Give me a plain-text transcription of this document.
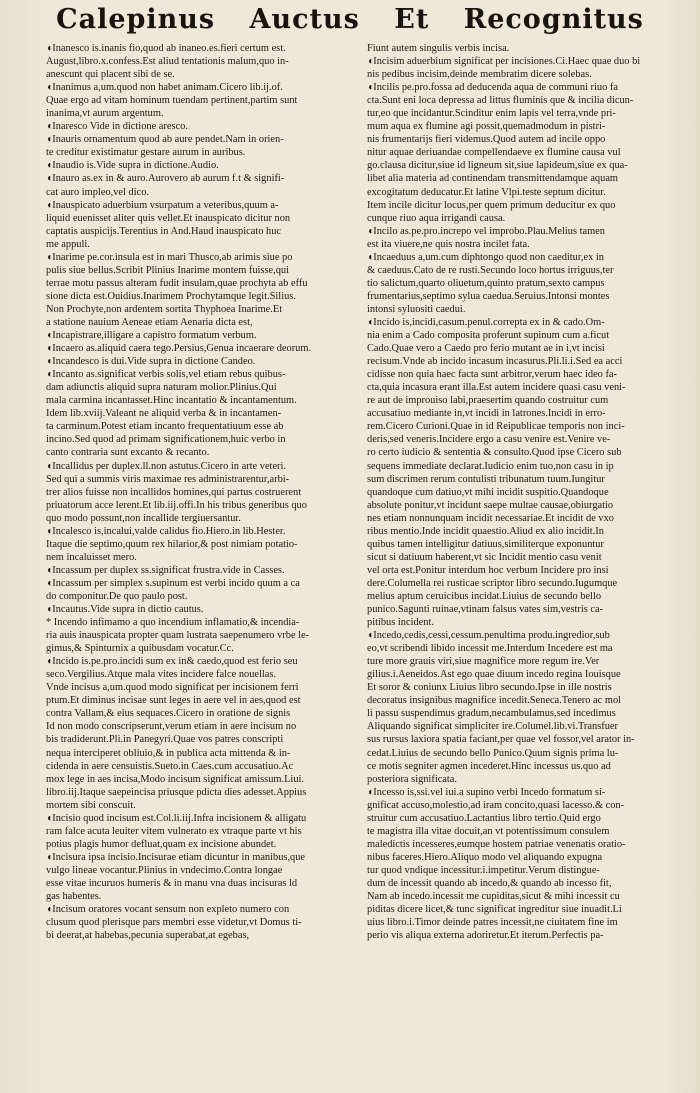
Calepinus Auctus Et Recognitus
◖Inanesco is.inanis fio,quod ab inaneo.es.fieri certum est.
August,libro.x.confess.Est aliud tentationis malum,quo in-
anescunt qui placent sibi de se.
◖Inanimus a,um.quod non habet animam.Cicero lib.ij.of.
Quae ergo ad vitam hominum tuendam pertinent,partim sunt
inanima,vt aurum argentum.
◖Inaresco Vide in dictione aresco.
◖Inauris ornamentum quod ab aure pendet.Nam in orien-
te creditur existimatur gestare aurum in auribus.
◖Inaudio is.Vide supra in dictione.Audio.
◖Inauro as.ex in & auro.Aurovero ab aurum f.t & signifi-
cat auro impleo,vel dico.
◖Inauspicato aduerbium vsurpatum a veteribus,quum a-
liquid euenisset aliter quis vellet.Et inauspicato dicitur non
captatis auspicijs.Terentius in And.Haud inauspicato huc
me appuli.
◖Inarime pe.cor.insula est in mari Thusco,ab arimis siue po
pulis siue bellus.Scribit Plinius Inarime montem fuisse,qui
terrae motu passus alteram fudit insulam,quae prochyta ab effu
sione dicta est.Ouidius.Inarimem Prochytamque legit.Silius.
Non Prochyte,non ardentem sortita Thyphoea Inarime.Et
a statione nauium Aeneae etiam Aenaria dicta est,
◖Incapistrare,illigare a capistro formatum verbum.
◖Incaero as.aliquid caera tego.Persius,Genua incaerare deorum.
◖Incandesco is dui.Vide supra in dictione Candeo.
◖Incanto as.significat verbis solis,vel etiam rebus quibus-
dam adiunctis aliquid supra naturam molior.Plinius.Qui
mala carmina incantasset.Hinc incantatio & incantamentum.
Idem lib.xviij.Valeant ne aliquid verba & in incantamen-
ta carminum.Potest etiam incanto frequentatiuum esse ab
incino.Sed quod ad primam significationem,huic verbo in
canto contraria sunt excanto & recanto.
◖Incallidus per duplex.ll.non astutus.Cicero in arte veteri.
Sed qui a summis viris maximae res administrarentur,arbi-
trer alios fuisse non incallidos homines,qui partus costruerent
priuatorum acce lerent.Et lib.iij.offi.In his tribus generibus quo
quo modo possunt,non incallide tergiuersantur.
◖Incalesco is,incalui,valde calidus fio.Hiero.in lib.Hester.
Itaque die septimo,quum rex hilarior,& post nimiam potatio-
nem incaluisset mero.
◖Incassum per duplex ss.significat frustra.vide in Casses.
◖Incassum per simplex s.supinum est verbi incido quum a ca
do componitur.De quo paulo post.
◖Incautus.Vide supra in dictio cautus.
* Incendo infimamo a quo incendium inflamatio,& incendia-
ria auis inauspicata propter quam lustrata saepenumero vrbe le-
gimus,& Spinturnix a quibusdam vocatur.Cc.
◖Incido is.pe.pro.incidi sum ex in& caedo,quod est ferio seu
seco.Vergilius.Atque mala vites incidere falce nouellas.
Vnde incisus a,um.quod modo significat per incisionem ferri
ptum.Et diminus incisae sunt leges in aere vel in aes,quod est
contra Vallam,& eius sequaces.Cicero in oratione de signis
Id non modo conscripserunt,verum etiam in aere incisum no
bis tradiderunt.Pli.in Panegyri.Quae vos patres conscripti
nequa interciperet obliuio,& in publica acta mittenda & in-
cidenda in aere censuistis.Sueto.in Caes.cum accusatiuo.Ac
mox lege in aes incisa,Modo incisum significat amissum.Liui.
libro.iij.Itaque saepeincisa priusque pdicta dies adesset.Appius
mortem sibi conscuit.
◖Incisio quod incisum est.Col.li.iij.Infra incisionem & alligatu
ram falce acuta leuiter vitem vulnerato ex vtraque parte vt his
potius plagis humor defluat,quam ex incisione abundet.
◖Incisura ipsa incisio.Incisurae etiam dicuntur in manibus,que
vulgo lineae vocantur.Plinius in vndecimo.Contra longae
esse vitae incuruos humeris & in manu vna duas incisuras ld
gas habentes.
◖Incisum oratores vocant sensum non expleto numero con
clusum quod plerisque pars membri esse videtur,vt Domus ti-
bi deerat,at habebas,pecunia superabat,at egebas,
Fiunt autem singulis verbis incisa.
◖Incisim aduerbium significat per incisiones.Ci.Haec quae duo bi
nis pedibus incisim,deinde membratim dicere solebas.
◖Incilis pe.pro.fossa ad deducenda aqua de communi riuo fa
cta.Sunt eni loca depressa ad littus fluminis que & incilia dicun-
tur,eo que incidantur.Scinditur enim lapis vel terra,vnde pri-
mum aqua ex flumine agi possit,quemadmodum in pistri-
nis frumentarijs fieri videmus.Quod autem ad incile oppo
nitur aquae deriuandae compellendaeve ex flumine causa vul
go.clausa dicitur,siue id ligneum sit,siue lapideum,siue ex qua-
libet alia materia ad continendam transmittendamque aquam
excogitatum deducatur.Et latine Vlpi.teste septum dicitur.
Item incile dicitur locus,per quem primum deducitur ex quo
cunque riuo aqua irrigandi causa.
◖Incilo as.pe.pro.increpo vel improbo.Plau.Melius tamen
est ita viuere,ne quis nostra incilet fata.
◖Incaeduus a,um.cum diphtongo quod non caeditur,ex in
& caeduus.Cato de re rusti.Secundo loco hortus irriguus,ter
tio salictum,quarto oliuetum,quinto pratum,sexto campus
frumentarius,septimo sylua caedua.Seruius.Intonsi montes
intonsi syluositi caedui.
◖Incido is,incidi,casum.penul.correpta ex in & cado.Om-
nia enim a Cado composita proferunt supinum cum a.ficut
Cado.Quae vero a Caedo pro ferio mutant ae in i,vt incisi
recisum.Vnde ab incido incasum incasurus.Pli.li.i.Sed ea acci
cidisse non quia haec facta sunt arbitror,verum haec ideo fa-
cta,quia incasura erant illa.Est autem incidere quasi casu veni-
re aut de improuiso labi,praesertim quando costruitur cum
accusatiuo mediante in,vt incidi in latrones.Incidi in erro-
rem.Cicero Curioni.Quae in id Reipublicae temporis non inci-
deris,sed veneris.Incidere ergo a casu venire est.Venire ve-
ro certo iudicio & sententia & consulto.Quod ipse Cicero sub
sequens immediate declarat.Iudicio enim tuo,non casu in ip
sum discrimen rerum contulisti tribunatum tuum.Iungitur
quandoque cum datiuo,vt mihi incidit suspitio.Quandoque
absolute ponitur,vt incidunt saepe multae causae,obiurgatio
nes etiam nonnunquam incidit necessariae.Et incidit de vxo
ribus mentio.Inde incidit quaestio.Aliud ex alio incidit.In
quibus tamen intelligitur datiuus,similiterque exponuntur
sicut si datiuum haberent,vt sic Incidit mentio casu venit
vel orta est.Ponitur interdum hoc verbum Incidere pro insi
dere.Columella rei rusticae scriptor libro secundo.Iugumque
melius aptum ceruicibus incidat.Liuius de secundo bello
punico.Sagunti ruinae,vtinam falsus vates sim,vestris ca-
pitibus incident.
◖Incedo,cedis,cessi,cessum.penultima produ.ingredior,sub
eo,vt scribendi libido incessit me.Interdum Incedere est ma
ture more grauis viri,siue magnifice more regum ire.Ver
gilius.i.Aeneidos.Ast ego quae diuum incedo regina Iouisque
Et soror & coniunx Liuius libro secundo.Ipse in ille nostris
decoratus insignibus magnifice incedit.Seneca.Tenero ac mol
li passu suspendimus gradum,necambulamus,sed incedimus
Aliquando significat simpliciter ire.Columel.lib.vi.Transfuer
sus rursus laxiora spatia faciant,per quae vel fossor,vel arator in-
cedat.Liuius de secundo bello Punico.Quum signis prima lu-
ce motis segniter agmen incederet.Hinc incessus us.quo ad
posteriora significata.
◖Incesso is,ssi.vel iui.a supino verbi Incedo formatum si-
gnificat accuso,molestio,ad iram concito,quasi lacesso.& con-
struitur cum accusatiuo.Lactantius libro tertio.Quid ergo
te magistra illa vitae docuit,an vt potentissimum consulem
maledictis incesseres,eumque hostem patriae venenatis oratio-
nibus faceres.Hiero.Aliquo modo vel aliquando expugna
tur quod vndique incessitur.i.impetitur.Verum distingue-
dum de incessit quando ab incedo,& quando ab incesso fit,
Nam ab incedo.incessit me cupiditas,sicut & mihi incessit cu
piditas dicere licet,& tunc significat ingreditur siue inuadit.Li
uius libro.i.Timor deinde patres incessit,ne ciuitatem fine im
perio vis aliqua externa adoriretur.Et iterum.Perfectis pa-
